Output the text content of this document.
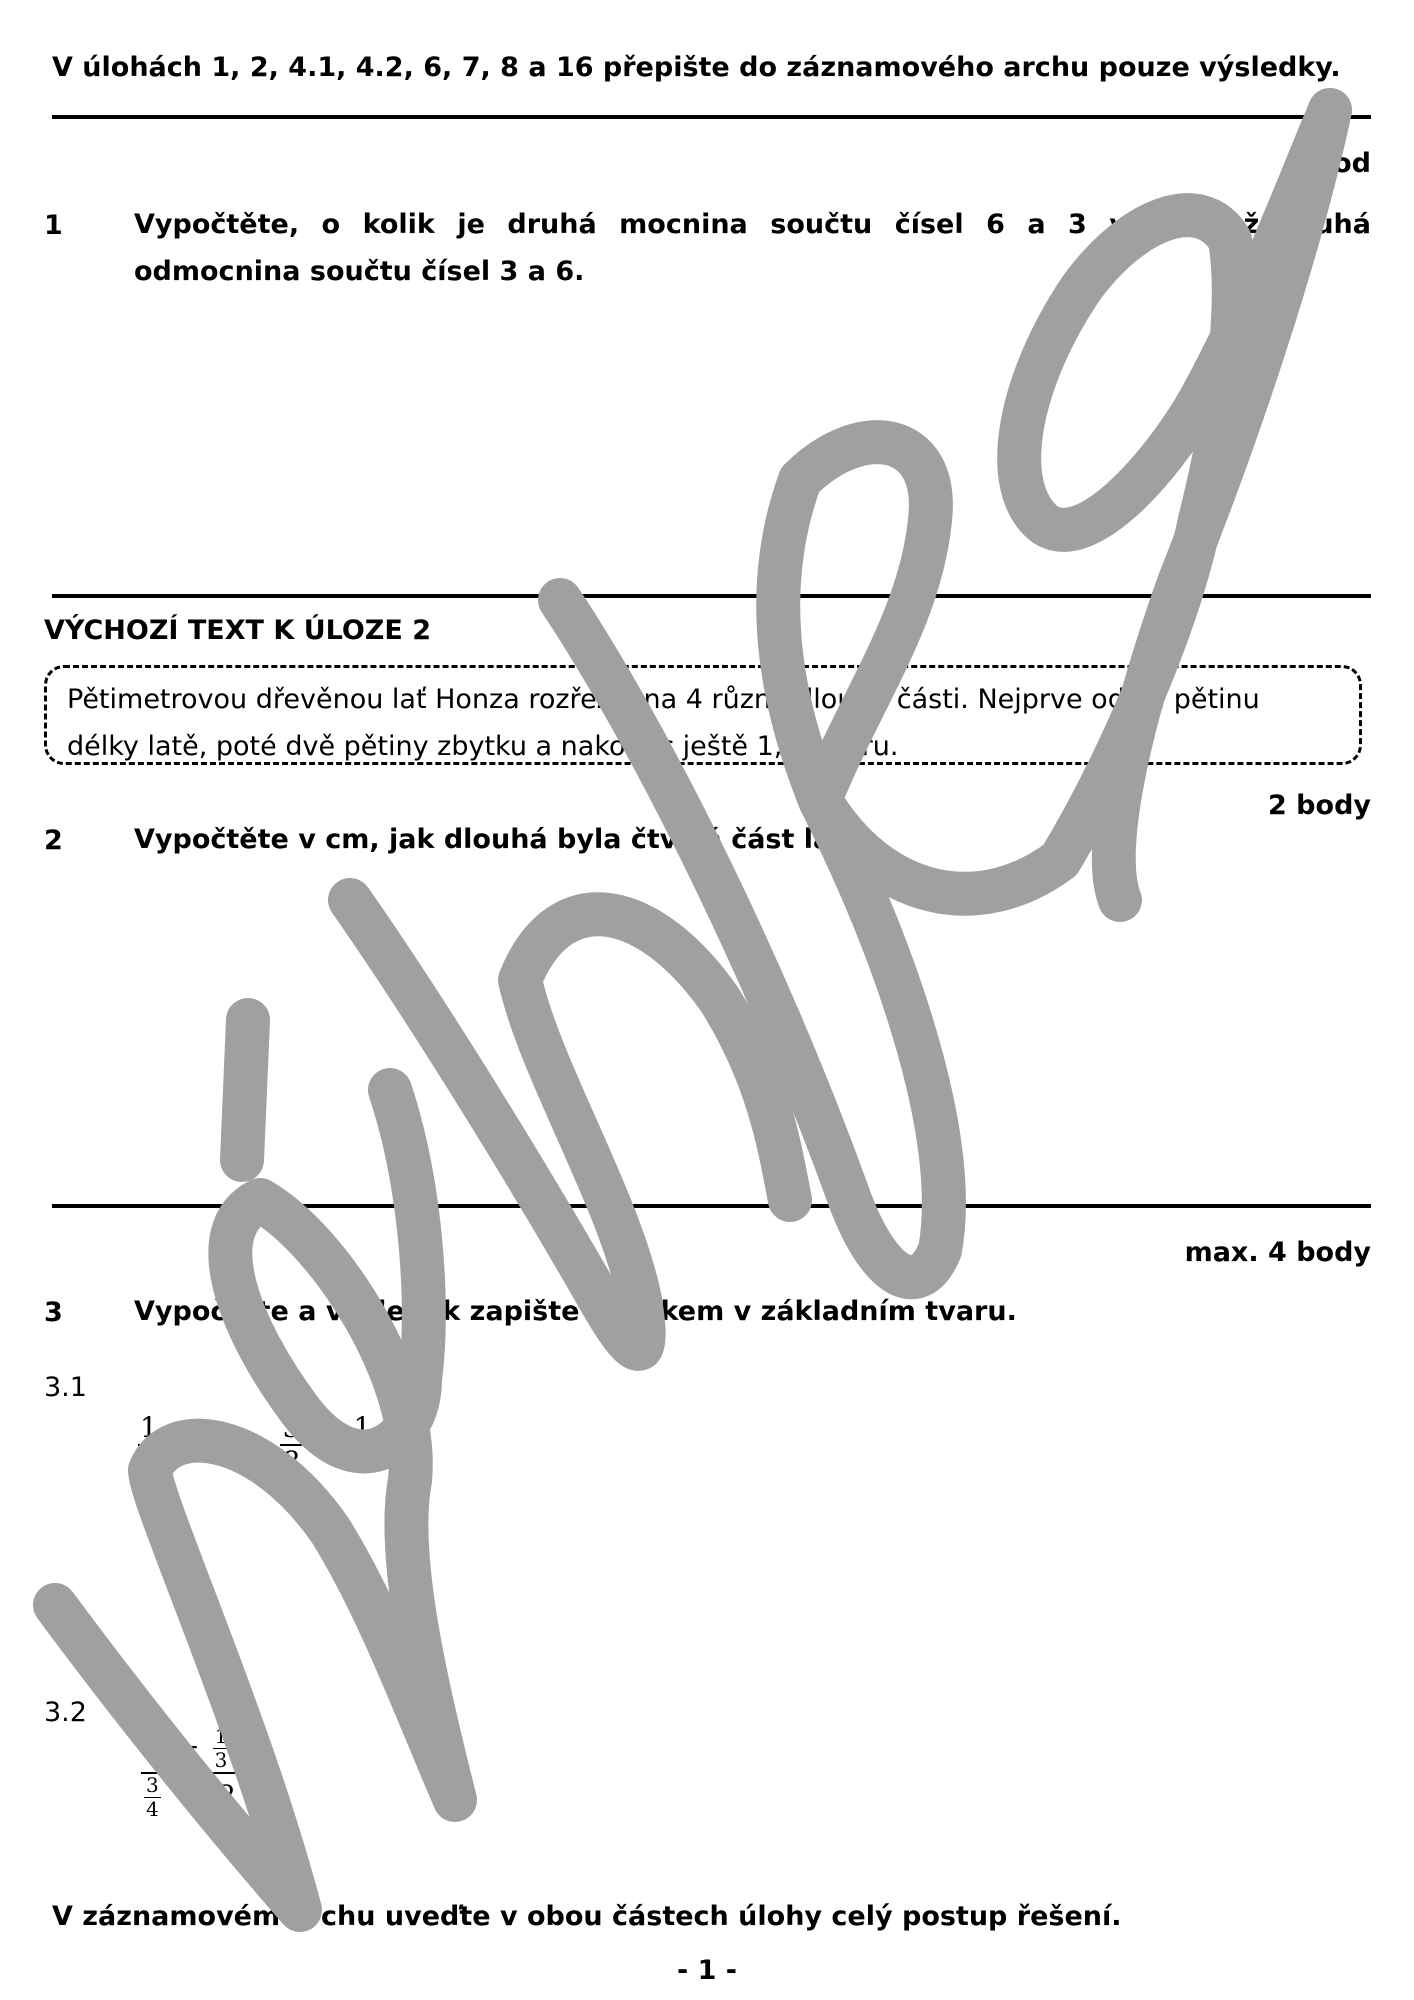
V úlohách 1, 2, 4.1, 4.2, 6, 7, 8 a 16 přepište do záznamového archu pouze výsledky.
1 bod
1	Vypočtěte, o kolik je druhá mocnina součtu čísel 6 a 3 větší než druhá odmocnina součtu čísel 3 a 6.
VÝCHOZÍ TEXT K ÚLOZE 2
Pětimetrovou dřevěnou lať Honza rozřezal na 4 různě dlouhé části. Nejprve odřízl pětinu délky latě, poté dvě pětiny zbytku a nakonec ještě 1,5 metru.
2 body
2	Vypočtěte v cm, jak dlouhá byla čtvrtá část latě.
max. 4 body
3	Vypočtěte a výsledek zapište zlomkem v základním tvaru.
3.1
$\frac{1}{4} - 1,2 \cdot \frac{5}{8} + \frac{1}{1}$ =
3.2
$\frac{\frac{1}{4} - \frac{1}{3}}{\frac{3}{4} \cdot 1,2}$ =
V záznamovém archu uveďte v obou částech úlohy celý postup řešení.
- 1 -
